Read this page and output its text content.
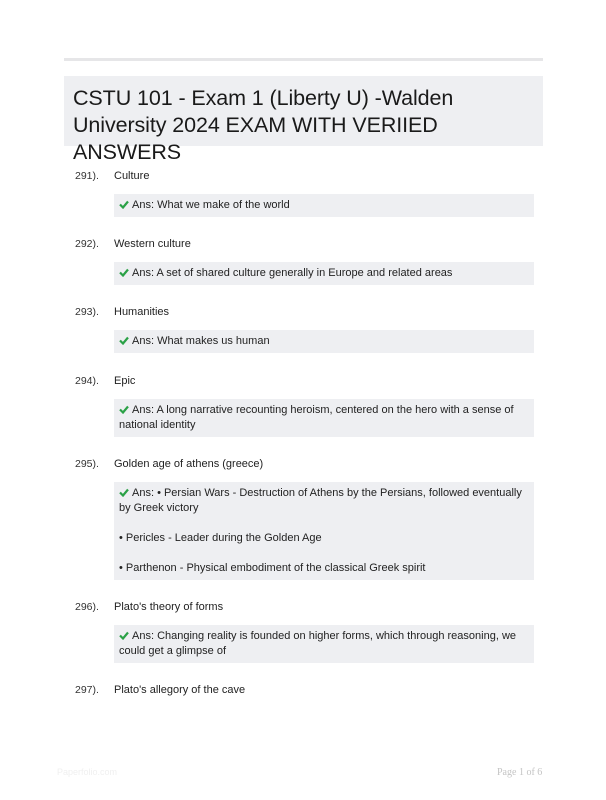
CSTU 101 - Exam 1 (Liberty U) -Walden University 2024 EXAM WITH VERIIED ANSWERS
291). Culture

Ans: What we make of the world

292). Western culture

Ans: A set of shared culture generally in Europe and related areas

293). Humanities

Ans: What makes us human

294). Epic

Ans: A long narrative recounting heroism, centered on the hero with a sense of national identity

295). Golden age of athens (greece)

Ans: • Persian Wars - Destruction of Athens by the Persians, followed eventually by Greek victory

• Pericles - Leader during the Golden Age

• Parthenon - Physical embodiment of the classical Greek spirit

296). Plato's theory of forms

Ans: Changing reality is founded on higher forms, which through reasoning, we could get a glimpse of

297). Plato's allegory of the cave
Paperfolio.com	Page 1 of 6
